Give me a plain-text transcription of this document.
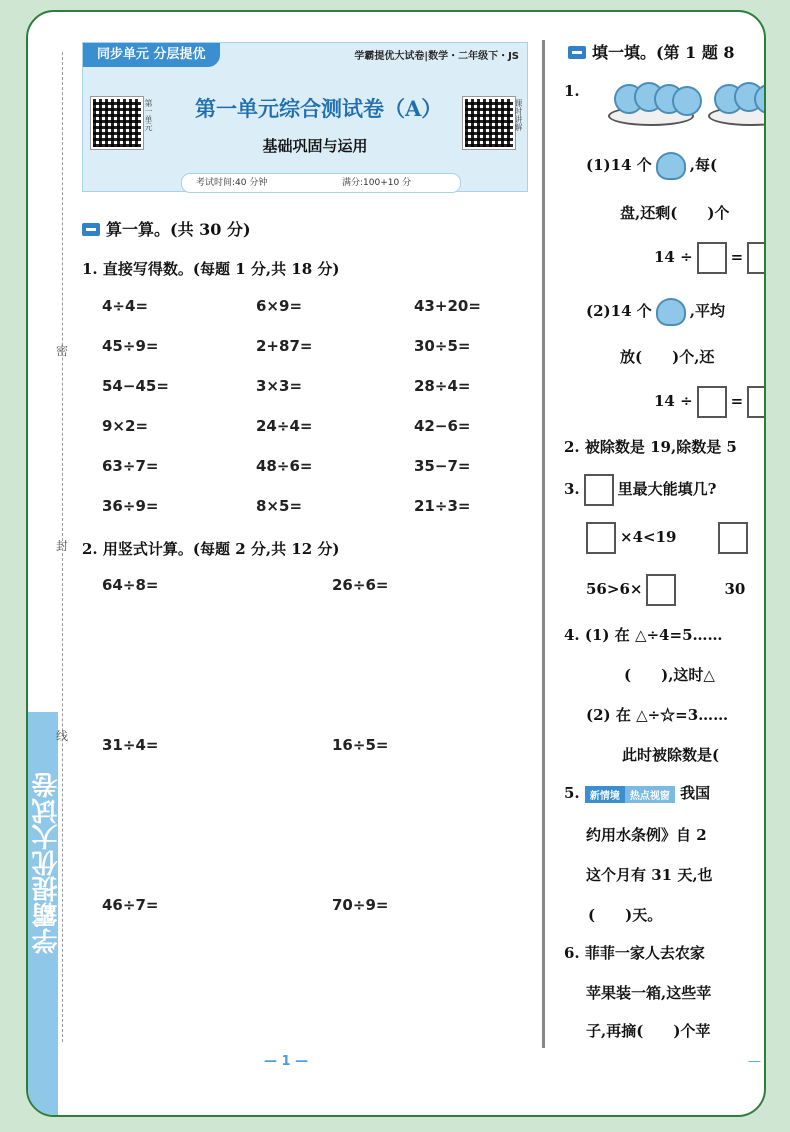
学霸提优大试卷
密
封
线
同步单元 分层提优	学霸提优大试卷|数学・二年级下・JS
第一单元	课时讲解
第一单元综合测试卷（A）
基础巩固与运用
考试时间:40 分钟	满分:100+10 分
算一算。(共 30 分)
1. 直接写得数。(每题 1 分,共 18 分)
2. 用竖式计算。(每题 2 分,共 12 分)
— 1 —
填一填。(第 1 题 8
1.
(1)14 个	,每(
盘,还剩(　　)个
14 ÷	=
(2)14 个	,平均
放(　　)个,还
14 ÷	=
2. 被除数是 19,除数是 5
3.	里最大能填几?
×4<19
56>6×	30
4. (1) 在 △÷4=5……
(　　),这时△
(2) 在 △÷☆=3……
此时被除数是(
5. 新情境 热点视窗 我国
约用水条例》自 2
这个月有 31 天,也
(　　)天。
6. 菲菲一家人去农家
苹果装一箱,这些苹
子,再摘(　　)个苹
—
4÷4=	6×9=	43+20=
45÷9=	2+87=	30÷5=
54−45=	3×3=	28÷4=
9×2=	24÷4=	42−6=
63÷7=	48÷6=	35−7=
36÷9=	8×5=	21÷3=
64÷8=	26÷6=
31÷4=	16÷5=
46÷7=	70÷9=
